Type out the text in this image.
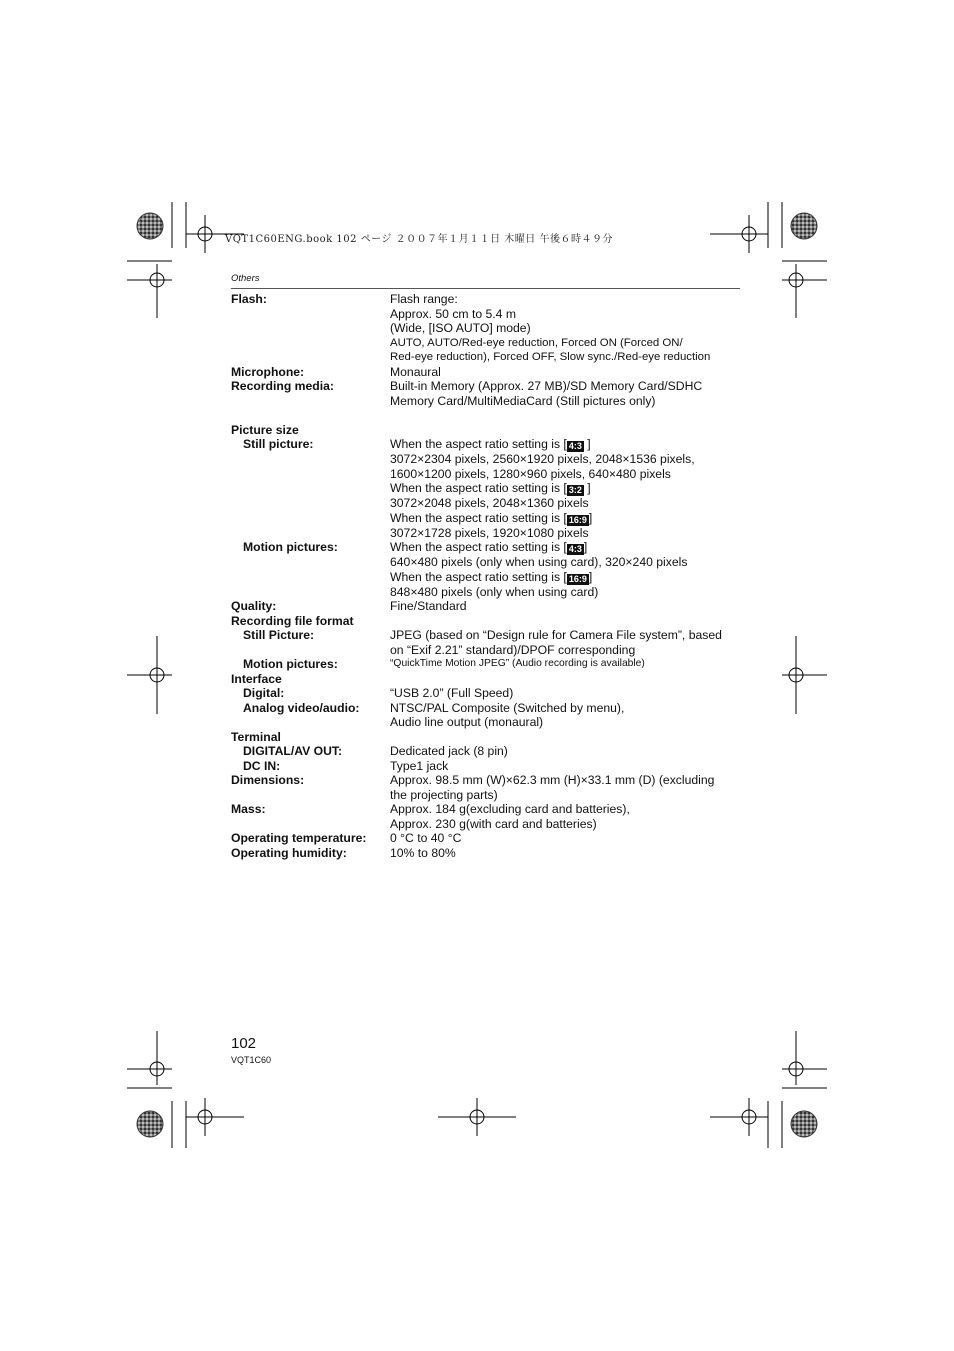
VQT1C60ENG.book 102 ページ ２００７年１月１１日 木曜日 午後６時４９分
Others
Flash:	Flash range:
Approx. 50 cm to 5.4 m
(Wide, [ISO AUTO] mode)
AUTO, AUTO/Red-eye reduction, Forced ON (Forced ON/
Red-eye reduction), Forced OFF, Slow sync./Red-eye reduction
Microphone:	Monaural
Recording media:	Built-in Memory (Approx. 27 MB)/SD Memory Card/SDHC
Memory Card/MultiMediaCard (Still pictures only)
Picture size
Still picture:	When the aspect ratio setting is [ 4:3 ]
3072×2304 pixels, 2560×1920 pixels, 2048×1536 pixels,
1600×1200 pixels, 1280×960 pixels, 640×480 pixels
When the aspect ratio setting is [ 3:2 ]
3072×2048 pixels, 2048×1360 pixels
When the aspect ratio setting is [ 16:9 ]
3072×1728 pixels, 1920×1080 pixels
Motion pictures:	When the aspect ratio setting is [ 4:3 ]
640×480 pixels (only when using card), 320×240 pixels
When the aspect ratio setting is [ 16:9 ]
848×480 pixels (only when using card)
Quality:	Fine/Standard
Recording file format
Still Picture:	JPEG (based on “Design rule for Camera File system”, based
on “Exif 2.21” standard)/DPOF corresponding
Motion pictures:	“QuickTime Motion JPEG” (Audio recording is available)
Interface
Digital:	“USB 2.0” (Full Speed)
Analog video/audio:	NTSC/PAL Composite (Switched by menu),
Audio line output (monaural)
Terminal
DIGITAL/AV OUT:	Dedicated jack (8 pin)
DC IN:	Type1 jack
Dimensions:	Approx. 98.5 mm (W)×62.3 mm (H)×33.1 mm (D) (excluding
the projecting parts)
Mass:	Approx. 184 g(excluding card and batteries),
Approx. 230 g(with card and batteries)
Operating temperature:	0 °C to 40 °C
Operating humidity:	10% to 80%
102
VQT1C60
